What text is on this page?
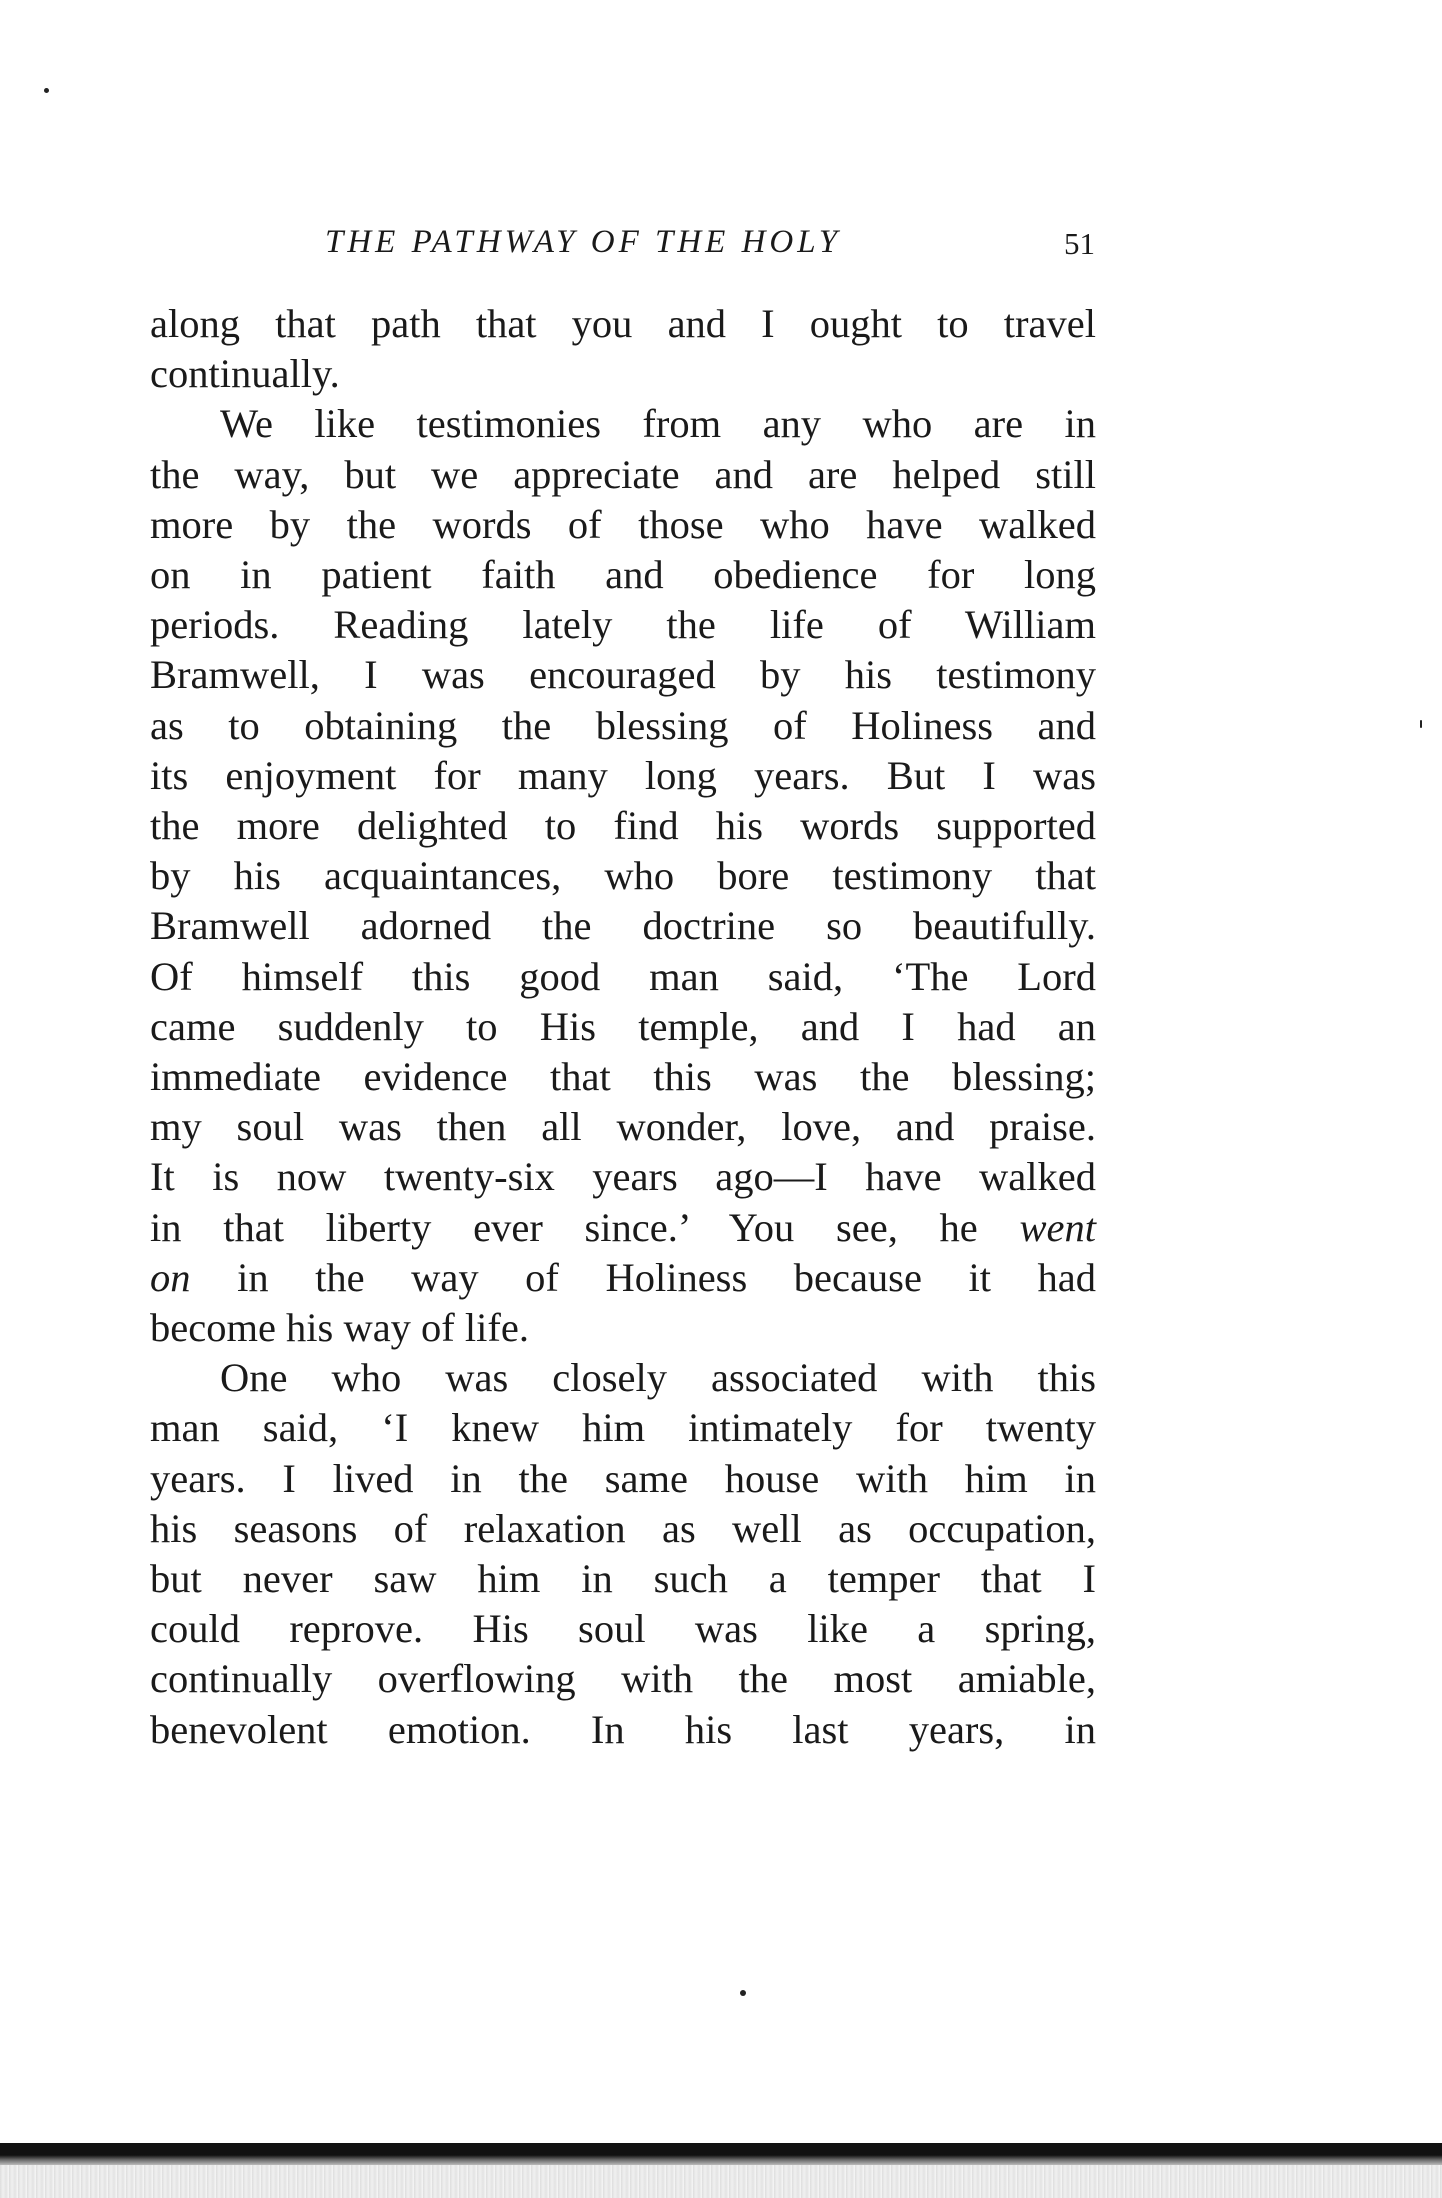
THE PATHWAY OF THE HOLY	51

along that path that you and I ought to travel
continually.

We like testimonies from any who are in
the way, but we appreciate and are helped still
more by the words of those who have walked
on in patient faith and obedience for long
periods. Reading lately the life of William
Bramwell, I was encouraged by his testimony
as to obtaining the blessing of Holiness and
its enjoyment for many long years. But I was
the more delighted to find his words supported
by his acquaintances, who bore testimony that
Bramwell adorned the doctrine so beautifully.
Of himself this good man said, ‘The Lord
came suddenly to His temple, and I had an
immediate evidence that this was the blessing;
my soul was then all wonder, love, and praise.
It is now twenty-six years ago—I have walked
in that liberty ever since.’ You see, he went
on in the way of Holiness because it had
become his way of life.

One who was closely associated with this
man said, ‘I knew him intimately for twenty
years. I lived in the same house with him in
his seasons of relaxation as well as occupation,
but never saw him in such a temper that I
could reprove. His soul was like a spring,
continually overflowing with the most amiable,
benevolent emotion. In his last years, in
